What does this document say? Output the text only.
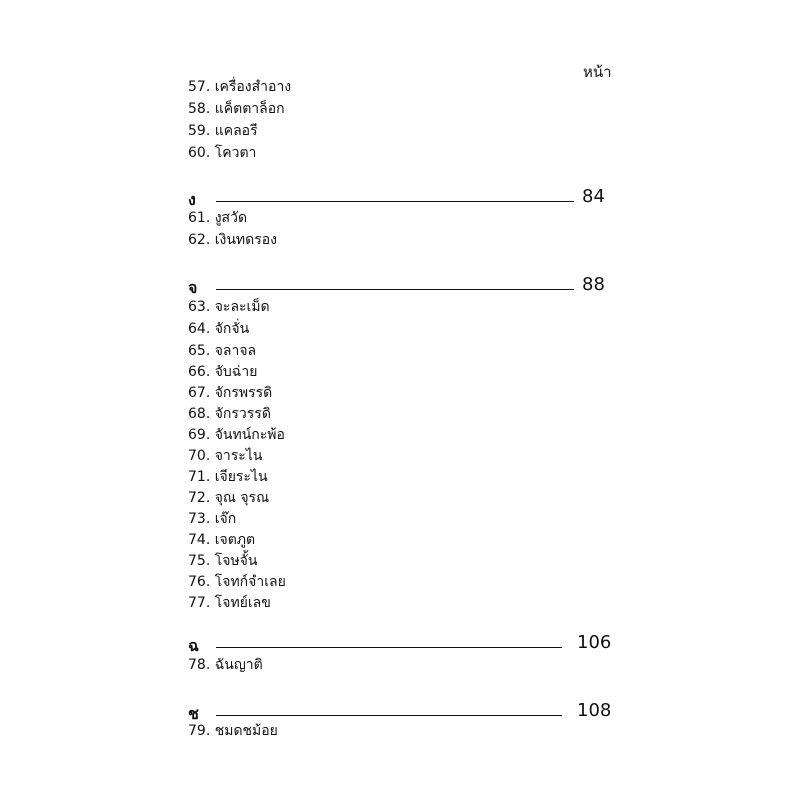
หน้า
57. เครื่องสำอาง
58. แค็ตตาล็อก
59. แคลอรี
60. โควตา
ง	84
61. งูสวัด
62. เงินทดรอง
จ	88
63. จะละเม็ด
64. จักจั่น
65. จลาจล
66. จับฉ่าย
67. จักรพรรดิ
68. จักรวรรดิ
69. จันทน์กะพ้อ
70. จาระไน
71. เจียระไน
72. จุณ จุรณ
73. เจ๊ก
74. เจตภูต
75. โจษจั้น
76. โจทก์จำเลย
77. โจทย์เลข
ฉ	106
78. ฉันญาติ
ช	108
79. ชมดชม้อย
